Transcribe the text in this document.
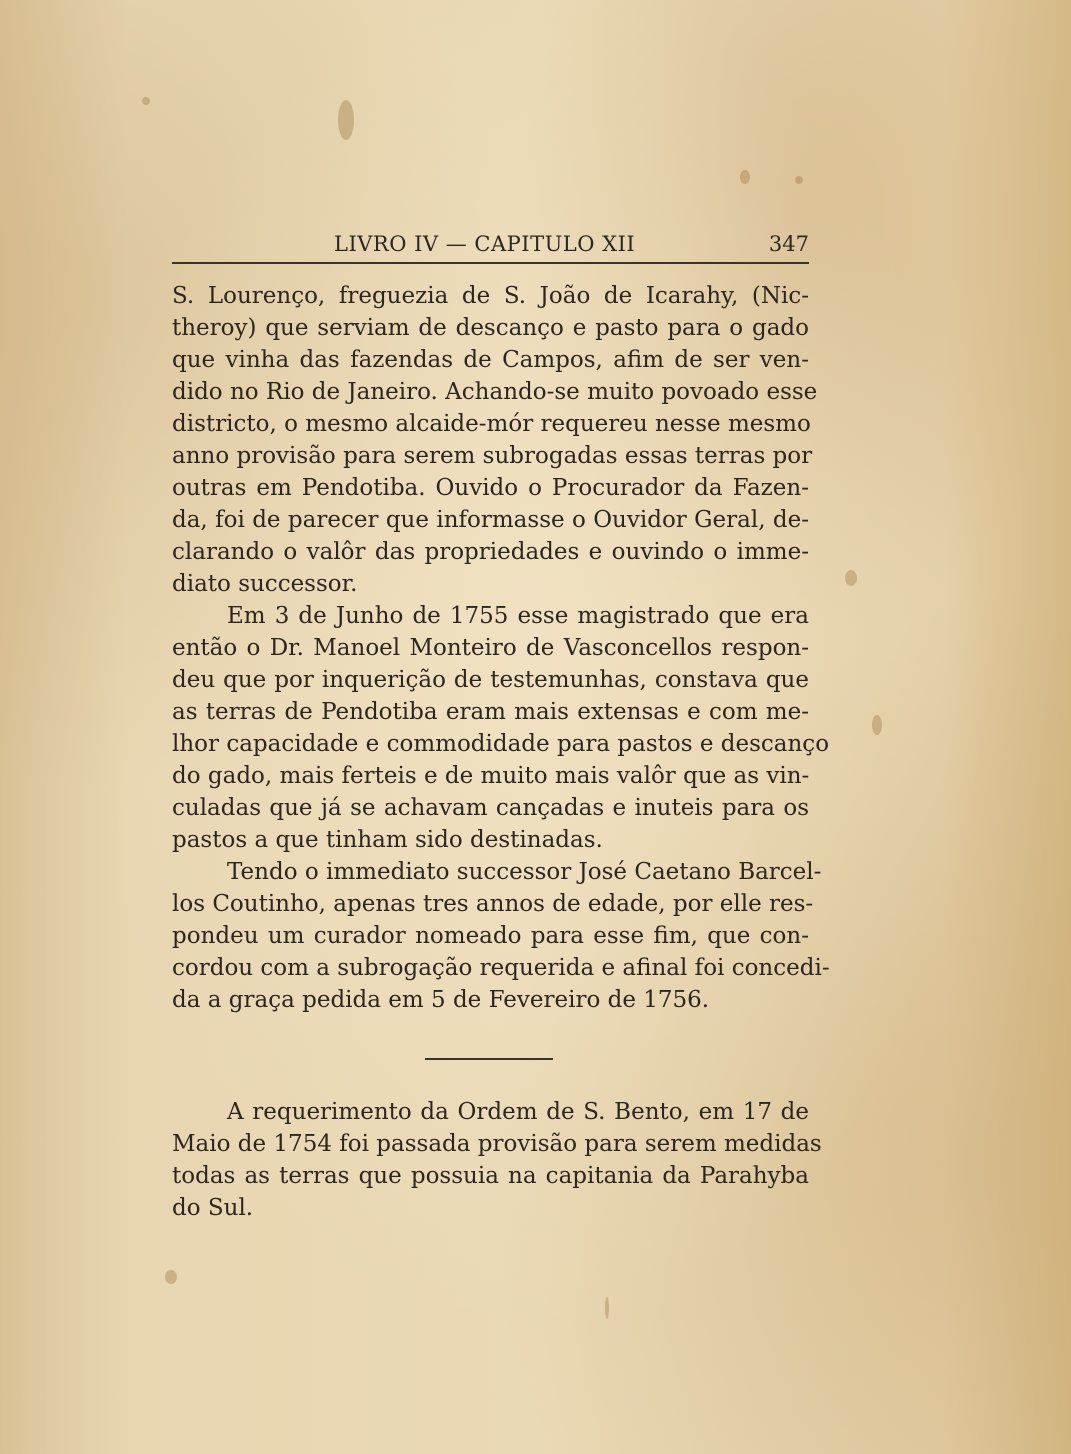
LIVRO IV — CAPITULO XII	347
S. Lourenço, freguezia de S. João de Icarahy, (Nic-
theroy) que serviam de descanço e pasto para o gado
que vinha das fazendas de Campos, afim de ser ven-
dido no Rio de Janeiro. Achando-se muito povoado esse
districto, o mesmo alcaide-mór requereu nesse mesmo
anno provisão para serem subrogadas essas terras por
outras em Pendotiba. Ouvido o Procurador da Fazen-
da, foi de parecer que informasse o Ouvidor Geral, de-
clarando o valôr das propriedades e ouvindo o imme-
diato successor.
Em 3 de Junho de 1755 esse magistrado que era
então o Dr. Manoel Monteiro de Vasconcellos respon-
deu que por inquerição de testemunhas, constava que
as terras de Pendotiba eram mais extensas e com me-
lhor capacidade e commodidade para pastos e descanço
do gado, mais ferteis e de muito mais valôr que as vin-
culadas que já se achavam cançadas e inuteis para os
pastos a que tinham sido destinadas.
Tendo o immediato successor José Caetano Barcel-
los Coutinho, apenas tres annos de edade, por elle res-
pondeu um curador nomeado para esse fim, que con-
cordou com a subrogação requerida e afinal foi concedi-
da a graça pedida em 5 de Fevereiro de 1756.
A requerimento da Ordem de S. Bento, em 17 de
Maio de 1754 foi passada provisão para serem medidas
todas as terras que possuia na capitania da Parahyba
do Sul.
